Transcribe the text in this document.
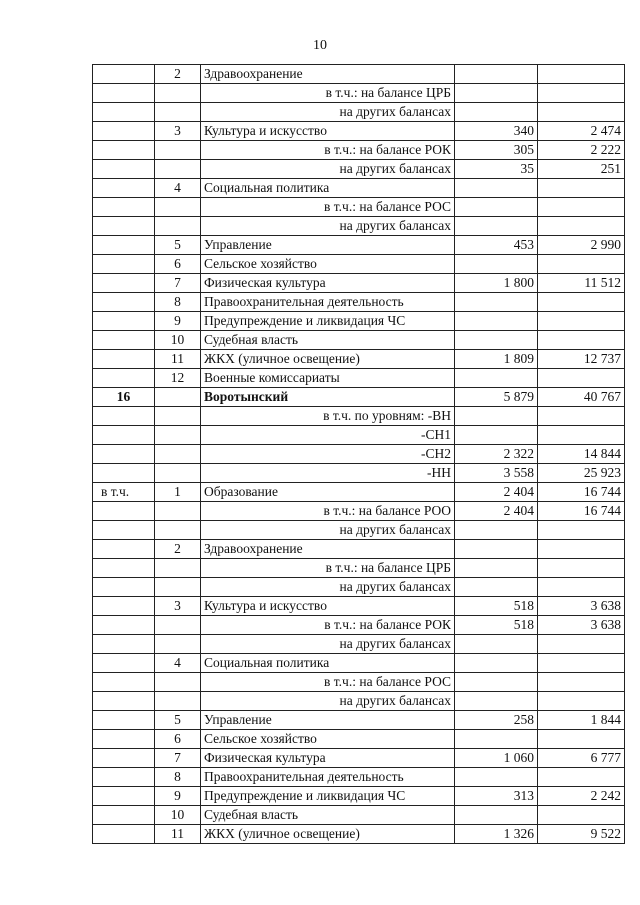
10
	2	Здравоохранение		
		в т.ч.: на балансе ЦРБ		
		на других балансах		
	3	Культура и искусство	340	2 474
		в т.ч.: на балансе РОК	305	2 222
		на других балансах	35	251
	4	Социальная политика		
		в т.ч.: на балансе РОС		
		на других балансах		
	5	Управление	453	2 990
	6	Сельское хозяйство		
	7	Физическая культура	1 800	11 512
	8	Правоохранительная деятельность		
	9	Предупреждение и ликвидация ЧС		
	10	Судебная власть		
	11	ЖКХ (уличное освещение)	1 809	12 737
	12	Военные комиссариаты		
16		Воротынский	5 879	40 767
		в т.ч. по уровням: -ВН		
		-СН1		
		-СН2	2 322	14 844
		-НН	3 558	25 923
в т.ч.	1	Образование	2 404	16 744
		в т.ч.: на балансе РОО	2 404	16 744
		на других балансах		
	2	Здравоохранение		
		в т.ч.: на балансе ЦРБ		
		на других балансах		
	3	Культура и искусство	518	3 638
		в т.ч.: на балансе РОК	518	3 638
		на других балансах		
	4	Социальная политика		
		в т.ч.: на балансе РОС		
		на других балансах		
	5	Управление	258	1 844
	6	Сельское хозяйство		
	7	Физическая культура	1 060	6 777
	8	Правоохранительная деятельность		
	9	Предупреждение и ликвидация ЧС	313	2 242
	10	Судебная власть		
	11	ЖКХ (уличное освещение)	1 326	9 522
